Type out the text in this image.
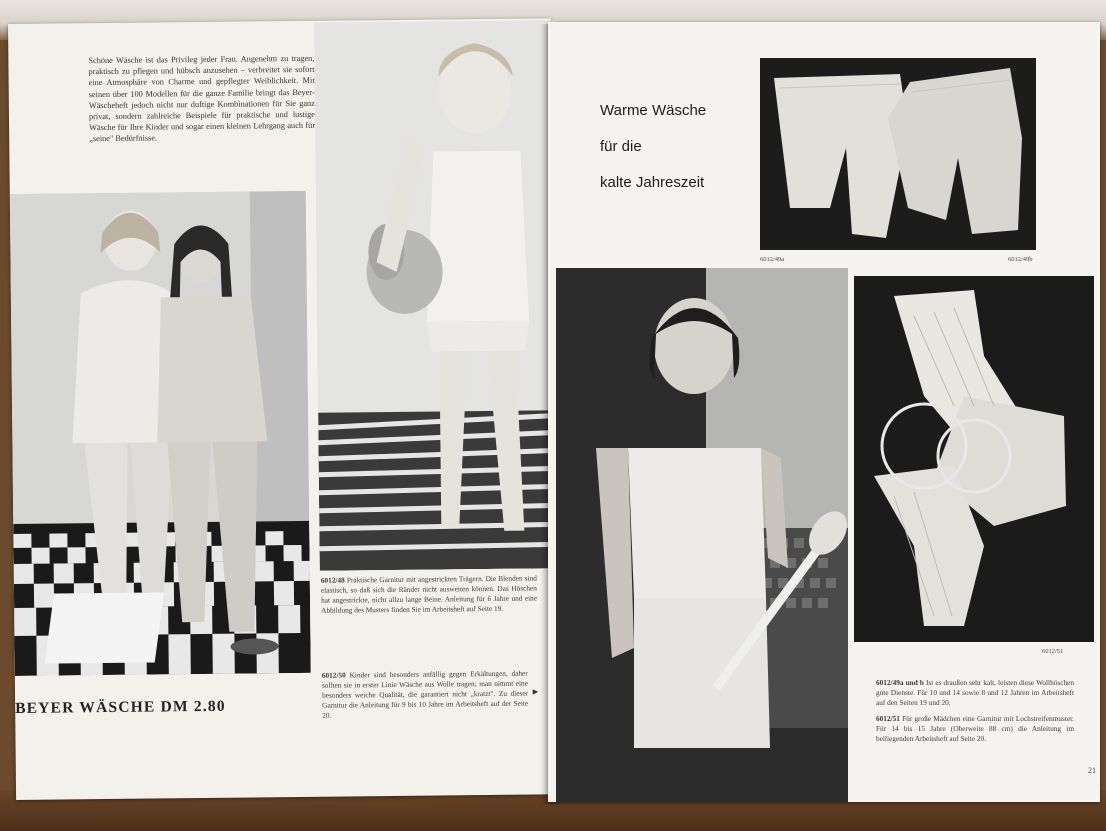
Schöne Wäsche ist das Privileg jeder Frau. Angenehm zu tragen, praktisch zu pflegen und hübsch anzusehen – verbreitet sie sofort eine Atmosphäre von Charme und gepflegter Weiblichkeit. Mit seinen über 100 Modellen für die ganze Familie bringt das Beyer-Wäscheheft jedoch nicht nur duftige Kombinationen für Sie ganz privat, sondern zahlreiche Beispiele für praktische und lustige Wäsche für Ihre Kinder und sogar einen kleinen Lehrgang auch für „seine" Bedürfnisse.

BEYER WÄSCHE DM 2.80

6012/48 Praktische Garnitur mit angestrickten Trägern. Die Blenden sind elastisch, so daß sich die Ränder nicht ausweiten können. Das Höschen hat angestrickte, nicht allzu lange Beine. Anleitung für 6 Jahre und eine Abbildung des Musters finden Sie im Arbeitsheft auf Seite 19.

6012/50 Kinder sind besonders anfällig gegen Erkältungen, daher sollten sie in erster Linie Wäsche aus Wolle tragen; man nimmt eine besonders weiche Qualität, die garantiert nicht „kratzt". Zu dieser Garnitur die Anleitung für 9 bis 10 Jahre im Arbeitsheft auf der Seite 20.

►
Warme Wäsche
für die
kalte Jahreszeit
6012/49a	6012/49b
6012/51

6012/49a und b Ist es draußen sehr kalt, leisten diese Wollhöschen gute Dienste. Für 10 und 14 sowie 8 und 12 Jahren im Arbeitsheft auf den Seiten 19 und 20.

6012/51 Für große Mädchen eine Garnitur mit Lochstreifenmuster. Für 14 bis 15 Jahre (Oberweite 88 cm) die Anleitung im beiliegenden Arbeitsheft auf Seite 20.

21
